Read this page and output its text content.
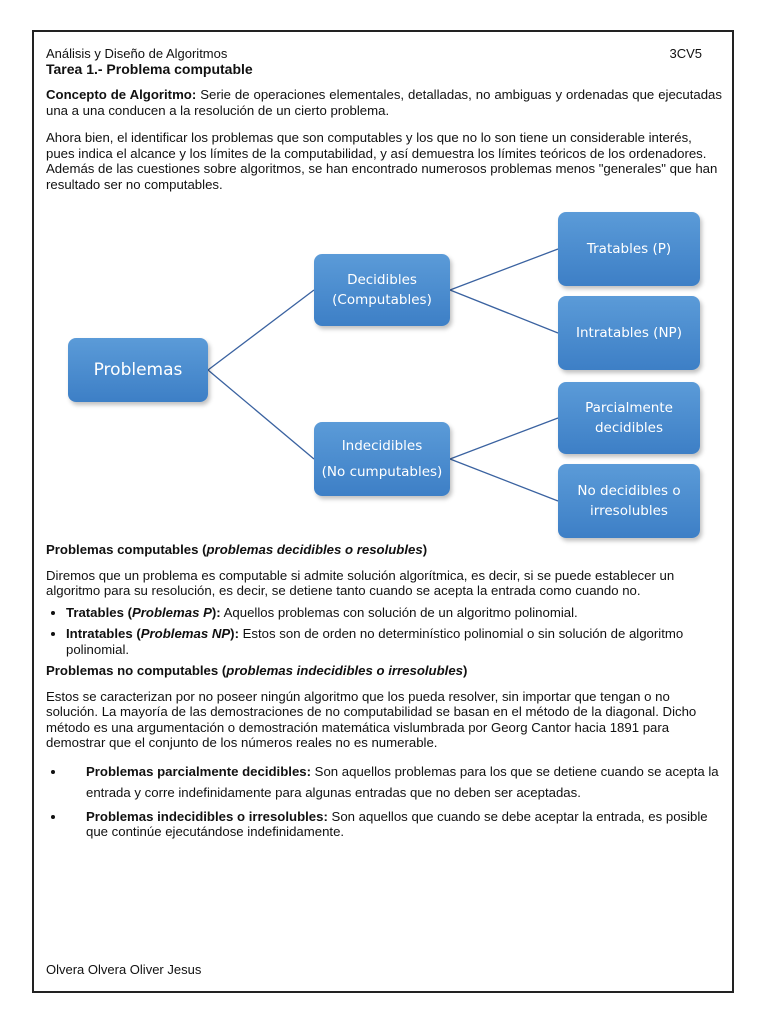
Análisis y Diseño de Algoritmos	3CV5
Tarea 1.- Problema computable

Concepto de Algoritmo: Serie de operaciones elementales, detalladas, no ambiguas y ordenadas que ejecutadas una a una conducen a la resolución de un cierto problema.

Ahora bien, el identificar los problemas que son computables y los que no lo son tiene un considerable interés, pues indica el alcance y los límites de la computabilidad, y así demuestra los límites teóricos de los ordenadores. Además de las cuestiones sobre algoritmos, se han encontrado numerosos problemas menos "generales" que han resultado ser no computables.

Problemas
Decidibles
(Computables)
Indecidibles
(No cumputables)
Tratables (P)
Intratables (NP)
Parcialmente
decidibles
No decidibles o
irresolubles
Problemas computables (problemas decidibles o resolubles)

Diremos que un problema es computable si admite solución algorítmica, es decir, si se puede establecer un algoritmo para su resolución, es decir, se detiene tanto cuando se acepta la entrada como cuando no.

• Tratables (Problemas P): Aquellos problemas con solución de un algoritmo polinomial.
• Intratables (Problemas NP): Estos son de orden no determinístico polinomial o sin solución de algoritmo polinomial.
Problemas no computables (problemas indecidibles o irresolubles)

Estos se caracterizan por no poseer ningún algoritmo que los pueda resolver, sin importar que tengan o no solución. La mayoría de las demostraciones de no computabilidad se basan en el método de la diagonal. Dicho método es una argumentación o demostración matemática vislumbrada por Georg Cantor hacia 1891 para demostrar que el conjunto de los números reales no es numerable.

• Problemas parcialmente decidibles: Son aquellos problemas para los que se detiene cuando se acepta la entrada y corre indefinidamente para algunas entradas que no deben ser aceptadas.
• Problemas indecidibles o irresolubles: Son aquellos que cuando se debe aceptar la entrada, es posible que continúe ejecutándose indefinidamente.
Olvera Olvera Oliver Jesus
